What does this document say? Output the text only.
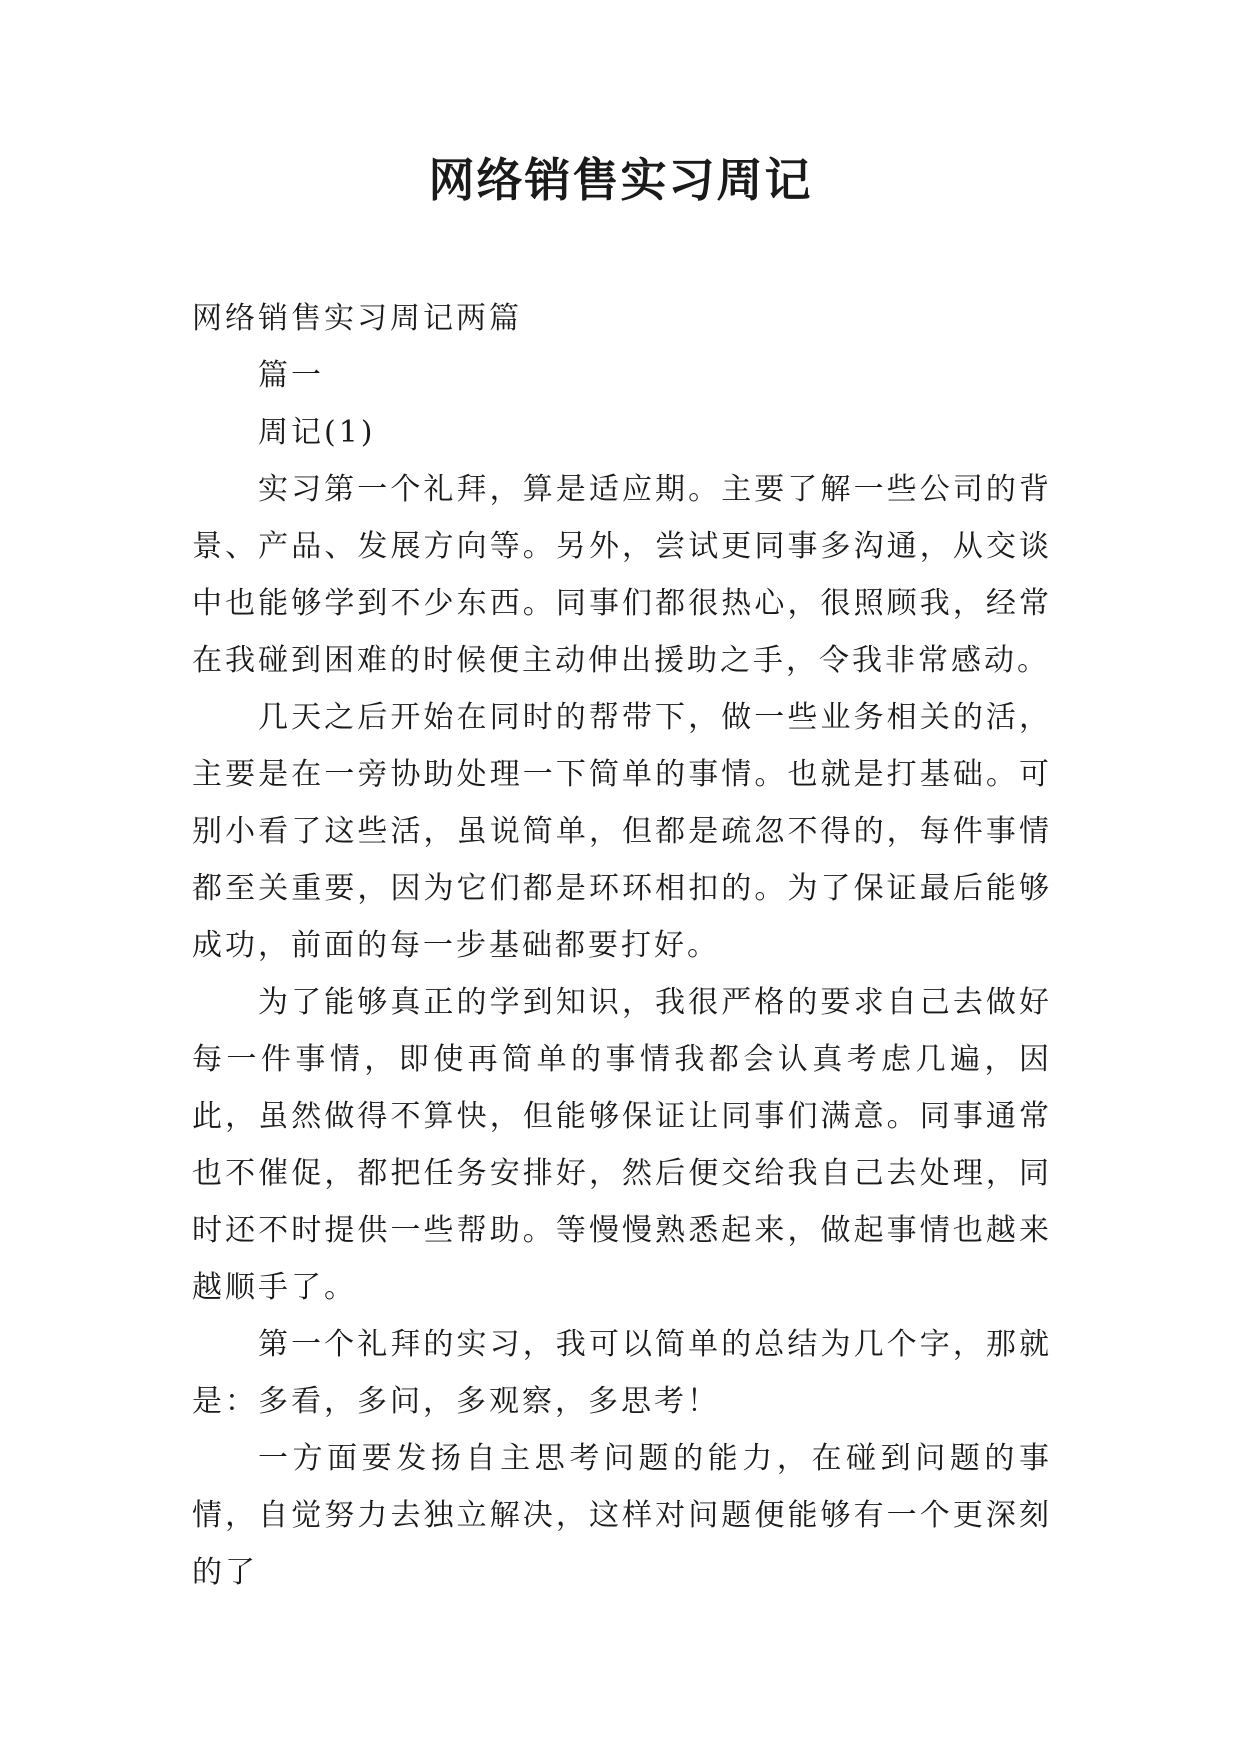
网络销售实习周记

网络销售实习周记两篇

篇一

周记(1)

实习第一个礼拜，算是适应期。主要了解一些公司的背景、产品、发展方向等。另外，尝试更同事多沟通，从交谈中也能够学到不少东西。同事们都很热心，很照顾我，经常在我碰到困难的时候便主动伸出援助之手，令我非常感动。

几天之后开始在同时的帮带下，做一些业务相关的活，主要是在一旁协助处理一下简单的事情。也就是打基础。可别小看了这些活，虽说简单，但都是疏忽不得的，每件事情都至关重要，因为它们都是环环相扣的。为了保证最后能够成功，前面的每一步基础都要打好。

为了能够真正的学到知识，我很严格的要求自己去做好每一件事情，即使再简单的事情我都会认真考虑几遍，因此，虽然做得不算快，但能够保证让同事们满意。同事通常也不催促，都把任务安排好，然后便交给我自己去处理，同时还不时提供一些帮助。等慢慢熟悉起来，做起事情也越来越顺手了。

第一个礼拜的实习，我可以简单的总结为几个字，那就是：多看，多问，多观察，多思考！

一方面要发扬自主思考问题的能力，在碰到问题的事情，自觉努力去独立解决，这样对问题便能够有一个更深刻的了
